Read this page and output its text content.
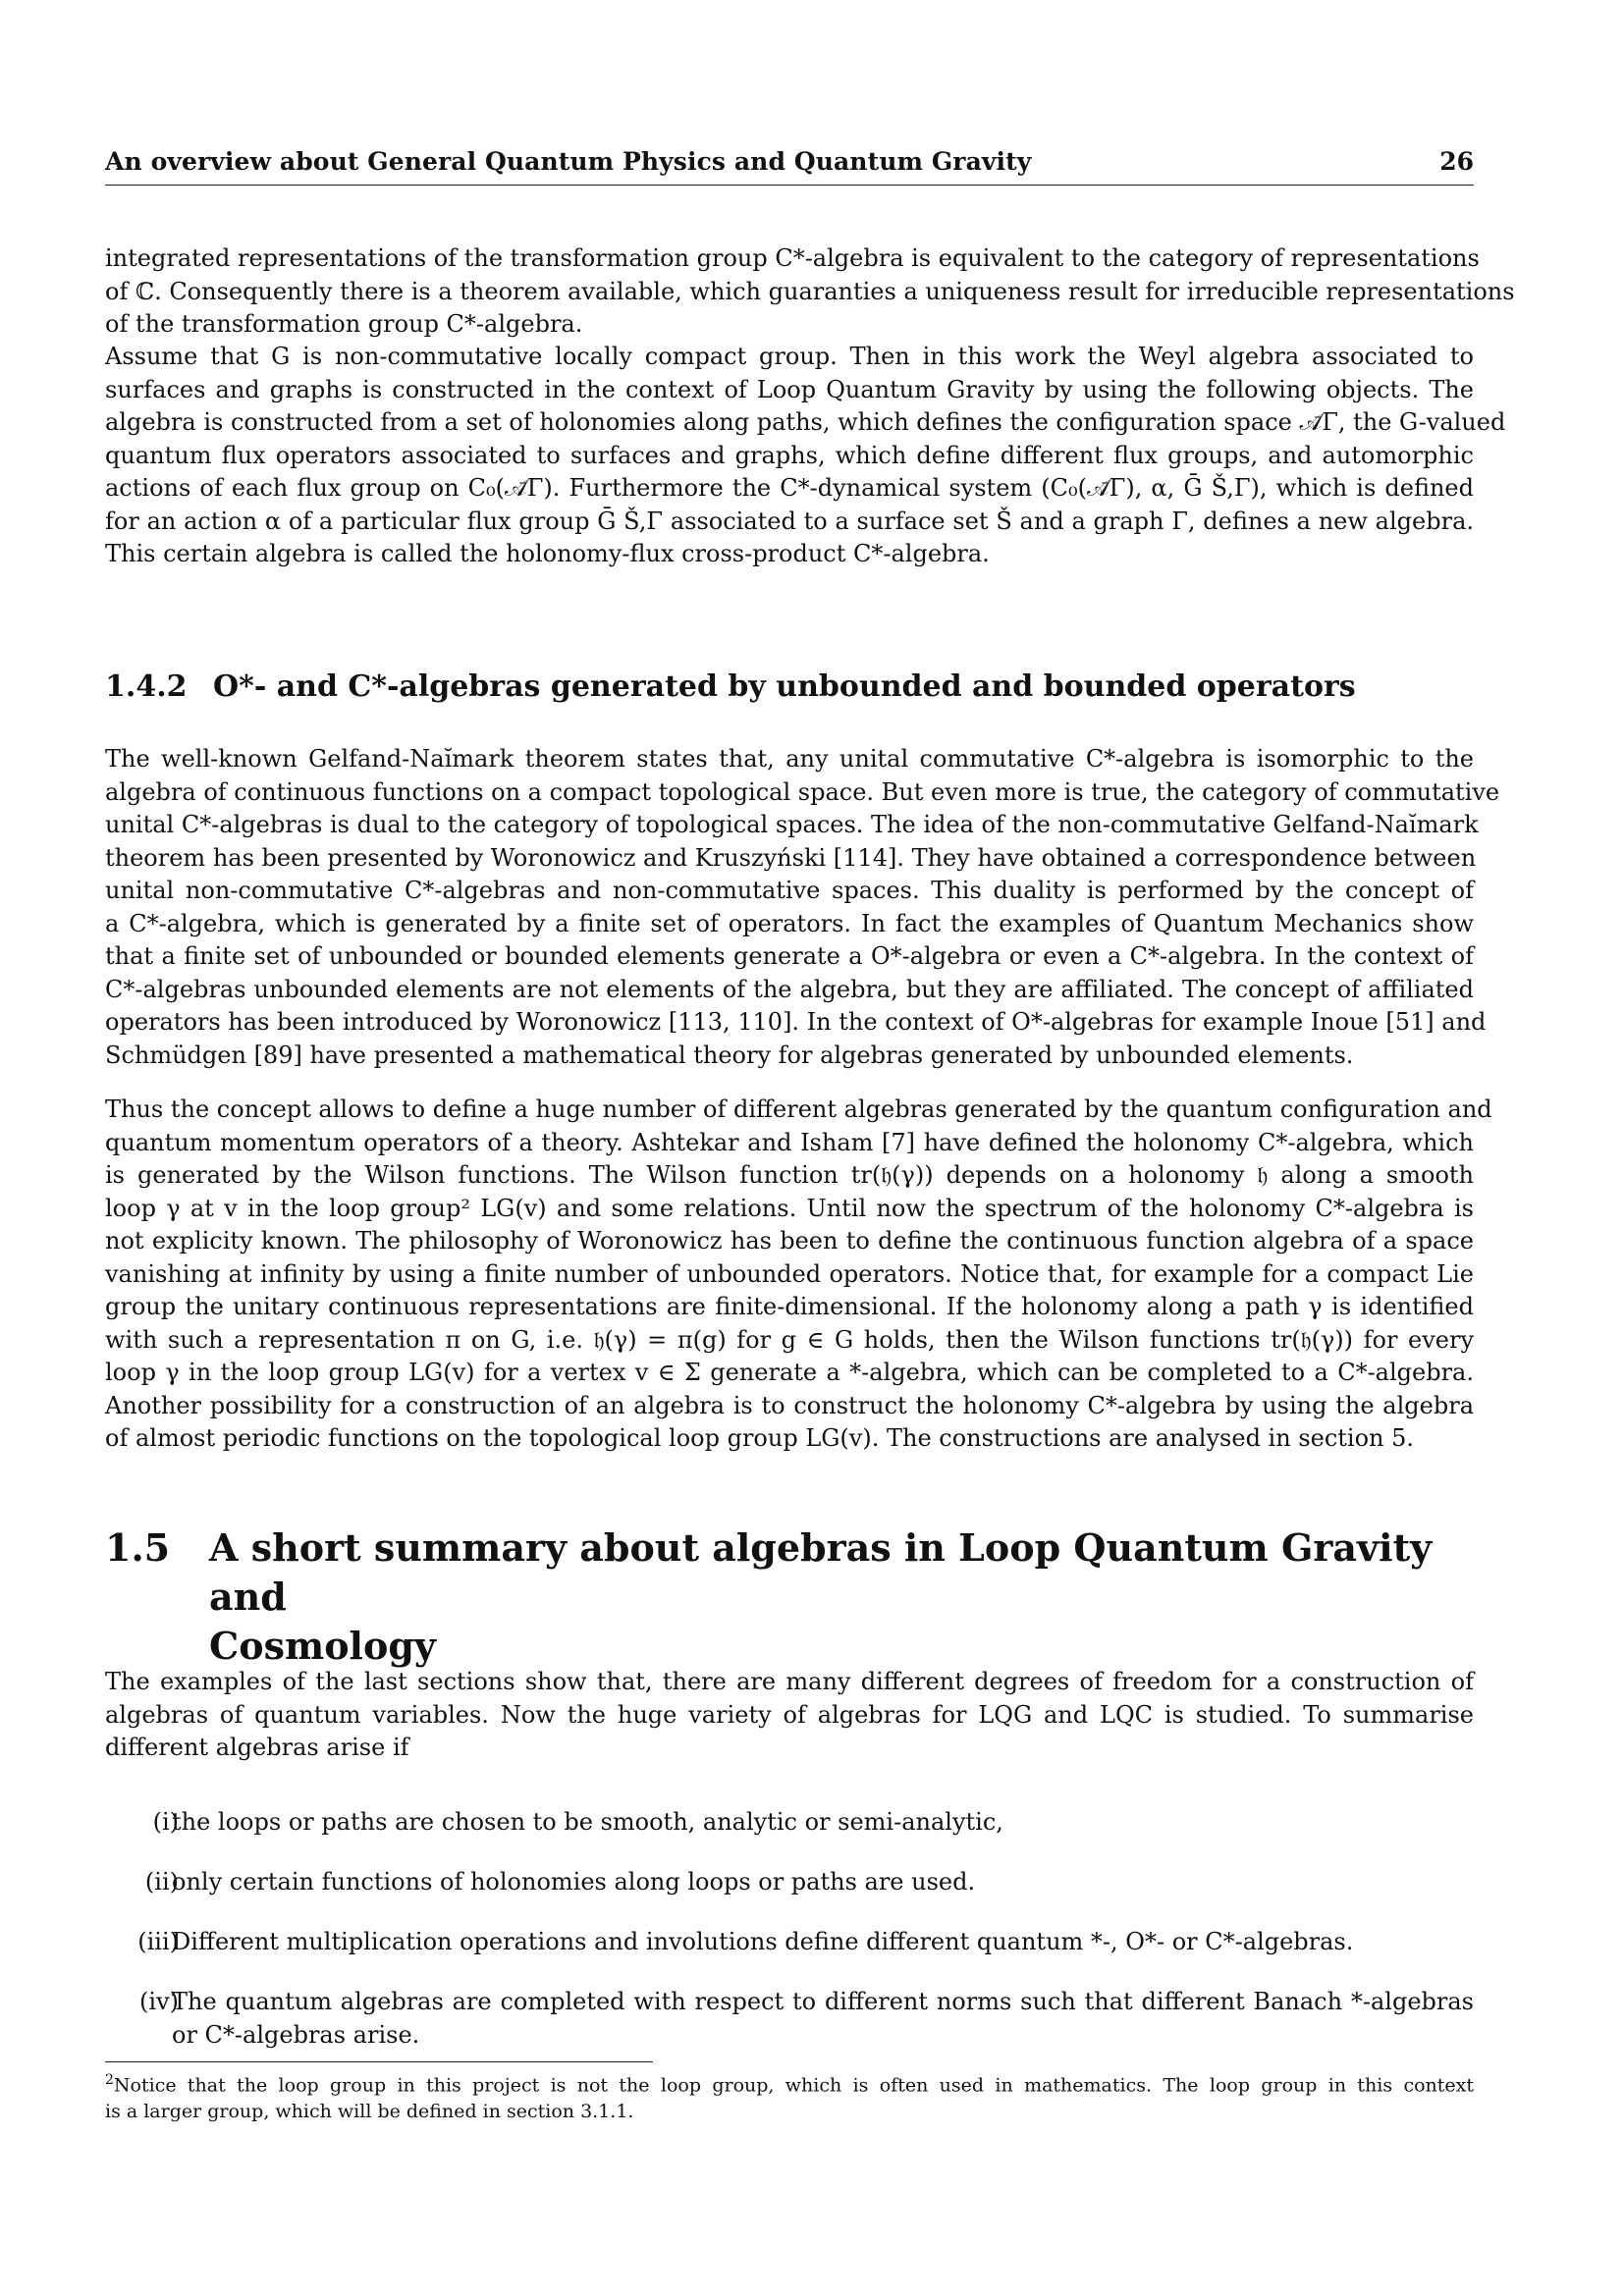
An overview about General Quantum Physics and Quantum Gravity	26
integrated representations of the transformation group C*-algebra is equivalent to the category of representations
of ℂ. Consequently there is a theorem available, which guaranties a uniqueness result for irreducible representations
of the transformation group C*-algebra.
Assume that G is non-commutative locally compact group. Then in this work the Weyl algebra associated to
surfaces and graphs is constructed in the context of Loop Quantum Gravity by using the following objects. The
algebra is constructed from a set of holonomies along paths, which defines the configuration space 𝒜̄Γ, the G-valued
quantum flux operators associated to surfaces and graphs, which define different flux groups, and automorphic
actions of each flux group on C₀(𝒜̄Γ). Furthermore the C*-dynamical system (C₀(𝒜̄Γ), α, Ḡ Š,Γ), which is defined
for an action α of a particular flux group Ḡ Š,Γ associated to a surface set Š and a graph Γ, defines a new algebra.
This certain algebra is called the holonomy-flux cross-product C*-algebra.
1.4.2 O*- and C*-algebras generated by unbounded and bounded operators
The well-known Gelfand-Naĭmark theorem states that, any unital commutative C*-algebra is isomorphic to the
algebra of continuous functions on a compact topological space. But even more is true, the category of commutative
unital C*-algebras is dual to the category of topological spaces. The idea of the non-commutative Gelfand-Naĭmark
theorem has been presented by Woronowicz and Kruszyński [114]. They have obtained a correspondence between
unital non-commutative C*-algebras and non-commutative spaces. This duality is performed by the concept of
a C*-algebra, which is generated by a finite set of operators. In fact the examples of Quantum Mechanics show
that a finite set of unbounded or bounded elements generate a O*-algebra or even a C*-algebra. In the context of
C*-algebras unbounded elements are not elements of the algebra, but they are affiliated. The concept of affiliated
operators has been introduced by Woronowicz [113, 110]. In the context of O*-algebras for example Inoue [51] and
Schmüdgen [89] have presented a mathematical theory for algebras generated by unbounded elements.
Thus the concept allows to define a huge number of different algebras generated by the quantum configuration and
quantum momentum operators of a theory. Ashtekar and Isham [7] have defined the holonomy C*-algebra, which
is generated by the Wilson functions. The Wilson function tr(𝔥(γ)) depends on a holonomy 𝔥 along a smooth
loop γ at v in the loop group² LG(v) and some relations. Until now the spectrum of the holonomy C*-algebra is
not explicity known. The philosophy of Woronowicz has been to define the continuous function algebra of a space
vanishing at infinity by using a finite number of unbounded operators. Notice that, for example for a compact Lie
group the unitary continuous representations are finite-dimensional. If the holonomy along a path γ is identified
with such a representation π on G, i.e. 𝔥(γ) = π(g) for g ∈ G holds, then the Wilson functions tr(𝔥(γ)) for every
loop γ in the loop group LG(v) for a vertex v ∈ Σ generate a *-algebra, which can be completed to a C*-algebra.
Another possibility for a construction of an algebra is to construct the holonomy C*-algebra by using the algebra
of almost periodic functions on the topological loop group LG(v). The constructions are analysed in section 5.
1.5 A short summary about algebras in Loop Quantum Gravity and
Cosmology
The examples of the last sections show that, there are many different degrees of freedom for a construction of
algebras of quantum variables. Now the huge variety of algebras for LQG and LQC is studied. To summarise
different algebras arise if
(i)
the loops or paths are chosen to be smooth, analytic or semi-analytic,
(ii)
only certain functions of holonomies along loops or paths are used.
(iii)
Different multiplication operations and involutions define different quantum *-, O*- or C*-algebras.
(iv)
The quantum algebras are completed with respect to different norms such that different Banach *-algebras
or C*-algebras arise.
$^2$Notice that the loop group in this project is not the loop group, which is often used in mathematics. The loop group in this context
is a larger group, which will be defined in section 3.1.1.
